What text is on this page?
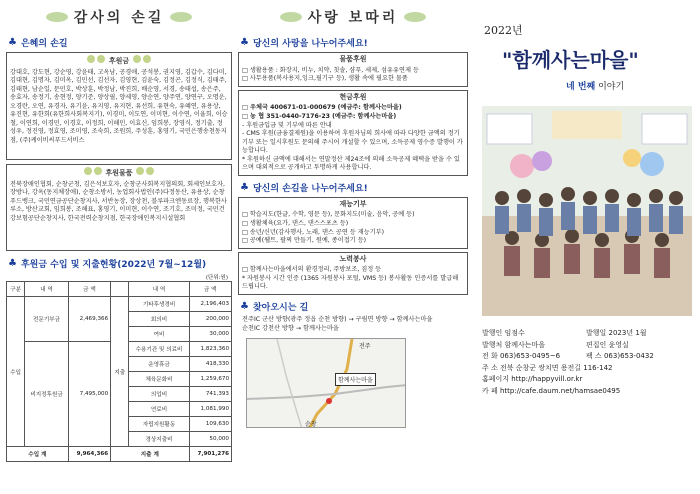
감사의 손길
♣ 은혜의 손길
후원금

강대호, 강도현, 강순영, 강윤태, 고옥남, 공경애, 공석봉, 권지영, 김갑수, 김다미, 김대현, 김명자, 김미옥, 김민선, 김선자, 김영현, 김윤숙, 김정곤, 김정식, 김태주, 김태현, 남순일, 문민호, 박상훈, 박정남, 박진희, 배순영, 서경, 송태섭, 송은주, 송효자, 송정기, 송현정, 양기준, 양상필, 양세영, 양순연, 양주연, 양연구, 오명운, 오경란, 오연, 유경자, 유기윤, 유지영, 유지현, 유선희, 유현숙, 유혜연, 유용상, 유진현, 유한희(유한희사회복지기), 이경미, 이도연, 이미현, 이수연, 이율희, 이승철, 이연희, 이경민, 이경호, 이정희, 이해민, 이효신, 임희봉, 장영식, 정기출, 정성우, 정진영, 정효영, 조미영, 조숙희, 조원희, 주성훈, 홍영기, 국민은행송천동지점, (주)케이비씨푸드서비스

후원물품

전북장애인협회, 순창군청, 김은석보호자, 순창군사회복지협의회, 회세인보호자, 장방나, 강옥(동지체장애), 순창소방서, 농업회사법인(주)다정동산, 유용상, 순창푸드뱅크, 국민연금공단순창지사, 서반농장, 장상천, 블루파크엔동료장, 행복한사루소, 방산교회, 임희봉, 조해표, 홍영기, 이미현, 이수연, 조기호, 조미정, 국민건강보험공단순창지사, 한국전력순창지점, 한국장애인복지시설협회

♣ 후원금 수입 및 지출현황(2022년 7월~12월)
(단위:원)
구분	내 역	금 액		내 역	금 액
수입	전문기부금	2,469,366	지출	기타후생경비	2,196,403
				회의비	200,000
				여비	30,000
	비지정후원금	7,495,000		수용기관 및 의료비	1,823,360
				운영휴금	418,330
				체육문화비	1,259,670
				의업비	741,393
				연료비	1,081,990
				자립지원활동	109,630
				경상지출비	50,000
수입 계		9,964,366	지출 계		7,901,276
사랑 보따리
♣ 당신의 사랑을 나누어주세요!
물품후원

□ 생활용품 : 화장지, 비누, 치약, 칫솔, 샴푸, 세제, 섬유유연제 등

□ 사무용품(복사용지,잉크,필기구 등), 생활 속에 필요한 물품

현금후원

□ 우체국 400671-01-000679 (예금주: 함께사는마을)

□ 농 협 351-0440-7176-23 (예금주: 함께사는마을)

- 후원금입금 및 기부에 따른 안내

- CMS 후원(금융결제원)을 이용하여 후원자님의 희사에 따라 다양한 금액의 정기 기부 또는 일시후원도 문의해 주시어 개설할 수 있으며, 소득공제 영수증 발행이 가능합니다.

* 후원하신 금액에 대해서는 연말정산 제24조에 의해 소득공제 혜택을 받을 수 있으며 대외적으로 공개하고 투명하게 사용합니다.

♣ 당신의 손길을 나누어주세요!
재능기부

□ 학습지도(한글, 수학, 영문 등), 문화지도(미술, 음악, 공예 등)

□ 생활체육(요가, 댄스, 댄스스포츠 등)

□ 송년/신년(감사행사, 노래, 댄스 공연 등 재능기부)

□ 공예(웰트, 팔찌 만들기, 원예, 종이접기 등)

노력봉사

□ 함께사는마을에서의 환경정리, 주방보조, 짐정 등

* 자원봉사 시간 인증 (1365 자원봉사 포털, VMS 등) 봉사활동 인증서를 발급해 드립니다.

♣ 찾아오시는 길

전주IC 군산 방향(광주 정읍 순천 방향) → 구림면 방향 → 함께사는마을

순천IC 강천산 방향 → 함께사는마을

전주
순창
함께사는마을
2022년
"함께사는마을"
네 번째 이야기
발행인 임점수
발행처 함께사는마을
전 화 063)653-0495~6
주 소 전북 순창군 쌍치면 용전길 116-142
홈페이지 http://happyvill.or.kr
카 페 http://cafe.daum.net/hamsae0495
발행일 2023년 1월
편집인 윤영실
팩 스 063)653-0432
